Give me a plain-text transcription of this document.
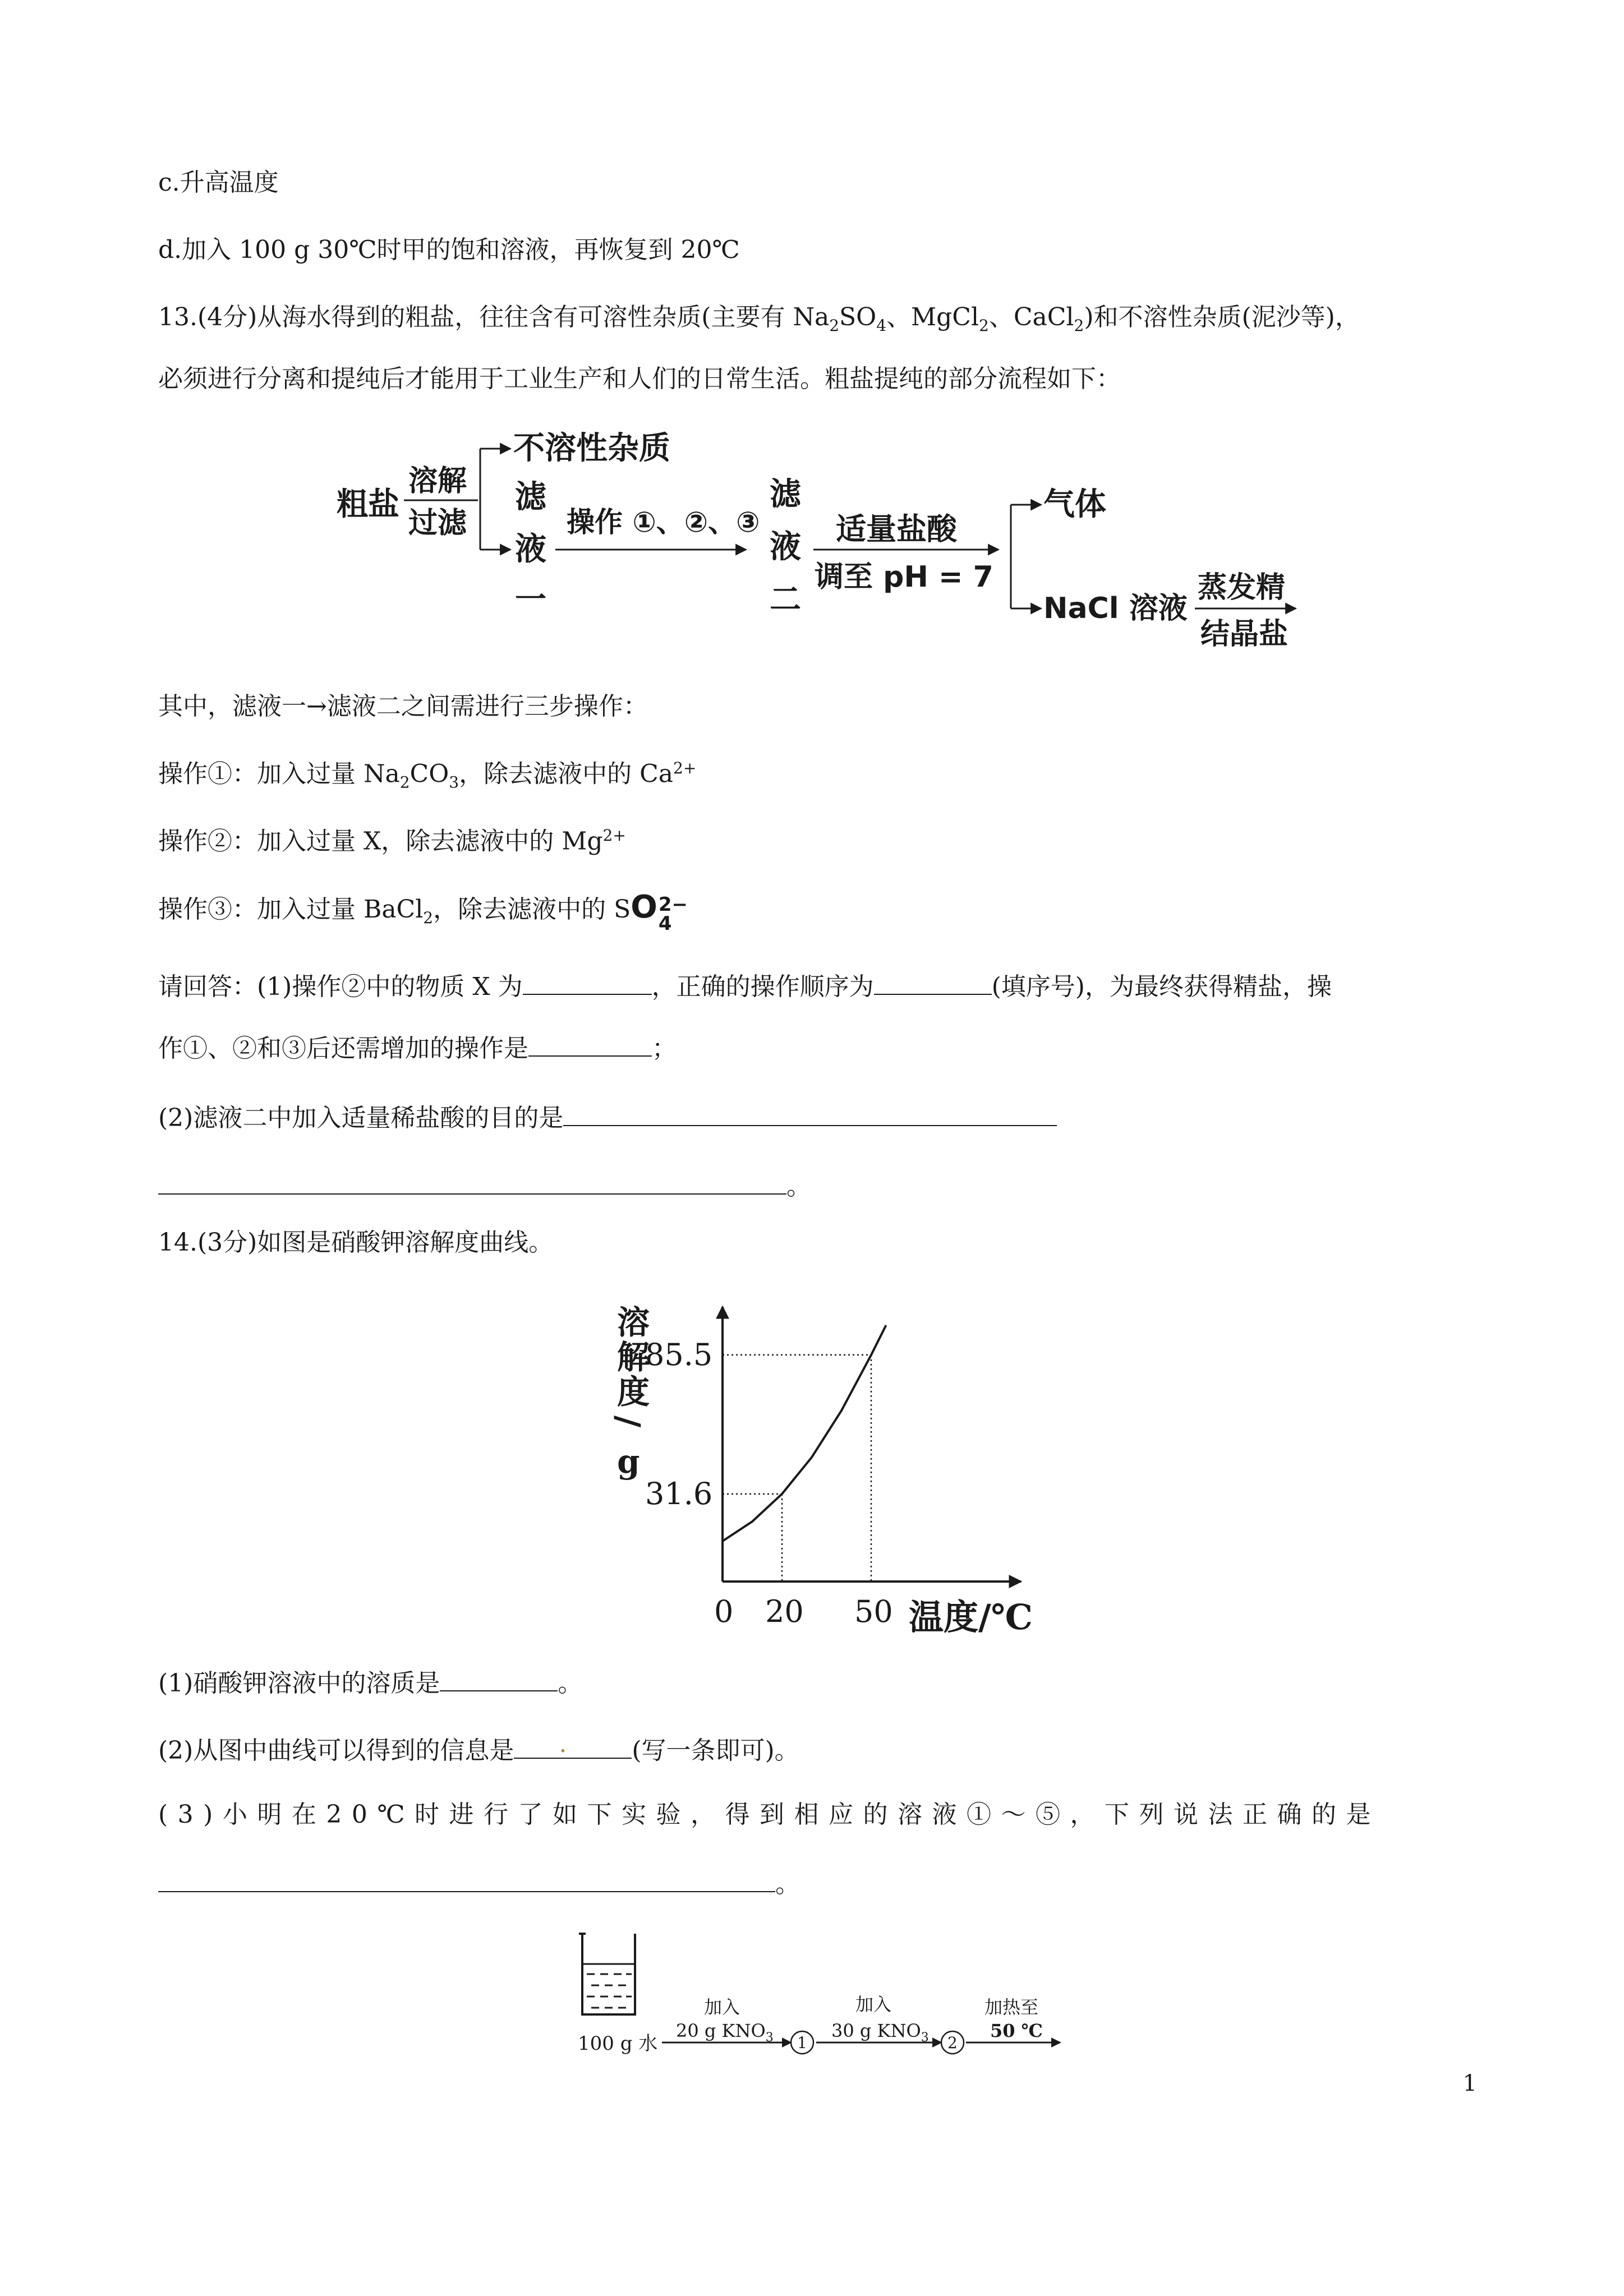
c.升高温度
d.加入 100 g 30℃时甲的饱和溶液，再恢复到 20℃
13.(4分)从海水得到的粗盐，往往含有可溶性杂质(主要有 $Na_2SO_4$、MgCl$_2$、CaCl$_2$)和不溶性杂质(泥沙等)，
必须进行分离和提纯后才能用于工业生产和人们的日常生活。粗盐提纯的部分流程如下：
粗盐
溶解
过滤
不溶性杂质
滤
液
一
操作 ①、②、③
滤
液
二
适量盐酸
调至 pH = 7
气体
NaCl 溶液
蒸发精
结晶盐
其中，滤液一→滤液二之间需进行三步操作：
操作①：加入过量 $Na_2CO_3$，除去滤液中的 $Ca^{2+}$
操作②：加入过量 X，除去滤液中的 $Mg^{2+}$
操作③：加入过量 BaCl$_2$，除去滤液中的 SO 2−
4
请回答：(1)操作②中的物质 X 为	，正确的操作顺序为	(填序号)，为最终获得精盐，操
作①、②和③后还需增加的操作是	；
(2)滤液二中加入适量稀盐酸的目的是
。
14.(3分)如图是硝酸钾溶解度曲线。
溶
解
度
/
g
温度/℃
0 20 50
31.6
85.5
(1)硝酸钾溶液中的溶质是	。
(2)从图中曲线可以得到的信息是 .	(写一条即可)。
(3)小明在20℃时进行了如下实验，得到相应的溶液①～⑤，下列说法正确的是
。
100 g 水
加入
20 g $KNO_3$ 1
加入
30 g $KNO_3$ 2
加热至
50 ℃
1
